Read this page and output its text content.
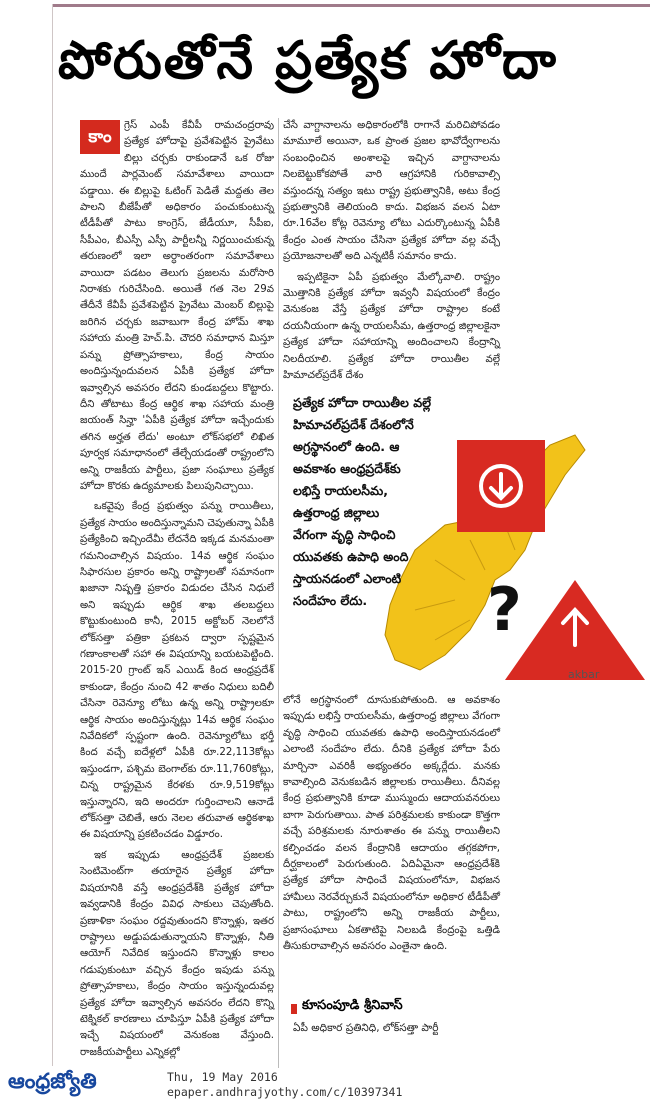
పోరుతోనే ప్రత్యేక హోదా
కాం

గ్రెస్ ఎంపీ కేవీపీ రామచంద్రరావు ప్రత్యేక హోదాపై ప్రవేశపెట్టిన ప్రైవేటు బిల్లు చర్చకు రాకుండానే ఒక రోజు ముందే పార్లమెంట్ సమావేశాలు వాయిదా పడ్డాయి. ఈ బిల్లుపై ఓటింగ్ పెడితే మద్దతు తెల పాలని బీజేపీతో అధికారం పంచుకుంటున్న టీడీపీతో పాటు కాంగ్రెస్, జేడీయూ, సీపీఐ, సీపీఎం, బీఎస్పీ ఎస్పీ పార్టీలన్నీ నిర్ణయించుకున్న తరుణంలో ఇలా అర్ధాంతరంగా సమావేశాలు వాయిదా పడటం తెలుగు ప్రజలను మరోసారి నిరాశకు గురిచేసింది. అయితే గత నెల 29వ తేదీనే కేవీపీ ప్రవేశపెట్టిన ప్రైవేటు మెంబర్ బిల్లుపై జరిగిన చర్చకు జవాబుగా కేంద్ర హోమ్ శాఖ సహాయ మంత్రి హెచ్.పి. చౌదరి సమాధాన మిస్తూ పన్ను ప్రోత్సాహకాలు, కేంద్ర సాయం అందిస్తున్నందువలన ఏపీకి ప్రత్యేక హోదా ఇవ్వాల్సిన అవసరం లేదని కుండబద్దలు కొట్టారు. దీని తోటాటు కేంద్ర ఆర్థిక శాఖ సహాయ మంత్రి జయంత్ సిన్హా 'ఏపీకి ప్రత్యేక హోదా ఇచ్చేందుకు తగిన అర్హత లేదు' అంటూ లోక్‌సభలో లిఖిత పూర్వక సమాధానంలో తేల్చేయడంతో రాష్ట్రంలోని అన్ని రాజకీయ పార్టీలు, ప్రజా సంఘాలు ప్రత్యేక హోదా కొరకు ఉద్యమాలకు పిలుపునిచ్చాయి.

ఒకవైపు కేంద్ర ప్రభుత్వం పన్ను రాయితీలు, ప్రత్యేక సాయం అందిస్తున్నామని చెపుతున్నా ఏపీకి ప్రత్యేకించి ఇచ్చిందేమీ లేదనేది ఇక్కడ మనమంతా గమనించాల్సిన విషయం. 14వ ఆర్థిక సంఘం సిఫారసుల ప్రకారం అన్ని రాష్ట్రాలతో సమానంగా ఖజానా నిష్పత్తి ప్రకారం విడుదల చేసిన నిధులే అని ఇప్పుడు ఆర్థిక శాఖ తలబద్దలు కొట్టుకుంటుంది కానీ, 2015 అక్టోబర్ నెలలోనే లోక్‌సత్తా పత్రికా ప్రకటన ద్వారా స్పష్టమైన గణాంకాలతో సహా ఈ విషయాన్ని బయటపెట్టింది. 2015-20 గ్రాంట్ ఇన్ ఎయిడ్ కింద ఆంధ్రప్రదేశ్ కాకుండా, కేంద్రం నుంచి 42 శాతం నిధులు బదిలీ చేసినా రెవెన్యూ లోటు ఉన్న అన్ని రాష్ట్రాలకూ ఆర్థిక సాయం అందిస్తున్నట్లు 14వ ఆర్థిక సంఘం నివేదికలో స్పష్టంగా ఉంది. రెవెన్యూలోటు భర్తీ కింద వచ్చే ఐదేళ్లలో ఏపీకి రూ.22,113కోట్లు ఇస్తుండగా, పశ్చిమ బెంగాల్‌కు రూ.11,760కోట్లు, చిన్న రాష్ట్రమైన కేరళకు రూ.9,519కోట్లు ఇస్తున్నారని, ఇది అందరూ గుర్తించాలని ఆనాడే లోక్‌సత్తా చెబితే, ఆరు నెలల తరువాత ఆర్థికశాఖ ఈ విషయాన్ని ప్రకటించడం విడ్డూరం.

ఇక ఇప్పుడు ఆంధ్రప్రదేశ్ ప్రజలకు సెంటిమెంట్‌గా తయారైన ప్రత్యేక హోదా విషయానికి వస్తే ఆంధ్రప్రదేశ్‌కి ప్రత్యేక హోదా ఇవ్వడానికి కేంద్రం వివిధ సాకులు చెపుతోంది. ప్రణాళికా సంఘం రద్దవుతుందని కొన్నాళ్లు, ఇతర రాష్ట్రాలు అడ్డుపడుతున్నాయని కొన్నాళ్లు, నీతి ఆయోగ్ నివేదిక ఇస్తుందని కొన్నాళ్లు కాలం గడుపుకుంటూ వచ్చిన కేంద్రం ఇపుడు పన్ను ప్రోత్సాహకాలు, కేంద్రం సాయం ఇస్తున్నందువల్ల ప్రత్యేక హోదా ఇవ్వాల్సిన అవసరం లేదని కొన్ని టెక్నికల్ కారణాలు చూపిస్తూ ఏపీకి ప్రత్యేక హోదా ఇచ్చే విషయంలో వెనుకంజ వేస్తుంది. రాజకీయపార్టీలు ఎన్నికల్లో

చేసే వాగ్దానాలను అధికారంలోకి రాగానే మరిచిపోవడం మామూలే అయినా, ఒక ప్రాంత ప్రజల భావోద్వేగాలను సంబంధించిన అంశాలపై ఇచ్చిన వాగ్దానాలను నిలబెట్టుకోకపోతే వారి ఆగ్రహానికి గురికావాల్సి వస్తుందన్న సత్యం ఇటు రాష్ట్ర ప్రభుత్వానికి, అటు కేంద్ర ప్రభుత్వానికి తెలియంది కాదు. విభజన వలన ఏటా రూ.16వేల కోట్ల రెవెన్యూ లోటు ఎదుర్కొంటున్న ఏపీకి కేంద్రం ఎంత సాయం చేసినా ప్రత్యేక హోదా వల్ల వచ్చే ప్రయోజనాలతో అది ఎన్నటికీ సమానం కాదు.

ఇప్పటికైనా ఏపీ ప్రభుత్వం మేల్కోవాలి. రాష్ట్రం మొత్తానికి ప్రత్యేక హోదా ఇవ్వనీ విషయంలో కేంద్రం వెనుకంజ వేస్తే ప్రత్యేక హోదా రాష్ట్రాల కంటే దయనీయంగా ఉన్న రాయలసీమ, ఉత్తరాంధ్ర జిల్లాలకైనా ప్రత్యేక హోదా సహాయాన్ని అందించాలని కేంద్రాన్ని నిలదీయాలి. ప్రత్యేక హోదా రాయితీల వల్లే హిమాచల్‌ప్రదేశ్ దేశం

?
akbar
ప్రత్యేక హోదా రాయితీల వల్లే
హిమాచల్‌ప్రదేశ్ దేశంలోనే
అగ్రస్థానంలో ఉంది. ఆ
అవకాశం ఆంధ్రప్రదేశ్‌కు
లభిస్తే రాయలసీమ,
ఉత్తరాంధ్ర జిల్లాలు
వేగంగా వృద్ధి సాధించి
యువతకు ఉపాధి అంది
స్తాయనడంలో ఎలాంటి
సందేహం లేదు.

లోనే అగ్రస్థానంలో దూసుకుపోతుంది. ఆ అవకాశం ఇప్పుడు లభిస్తే రాయలసీమ, ఉత్తరాంధ్ర జిల్లాలు వేగంగా వృద్ధి సాధించి యువతకు ఉపాధి అందిస్తాయనడంలో ఎలాంటి సందేహం లేదు. దీనికి ప్రత్యేక హోదా పేరు మార్చినా ఎవరికీ అభ్యంతరం అక్కర్లేదు. మనకు కావాల్సింది వెనుకబడిన జిల్లాలకు రాయితీలు. దీనివల్ల కేంద్ర ప్రభుత్వానికి కూడా ముస్ముందు ఆదాయవనరులు బాగా పెరుగుతాయి. పాత పరిశ్రమలకు కాకుండా కొత్తగా వచ్చే పరిశ్రమలకు నూరుశాతం ఈ పన్ను రాయితీలని కల్పించడం వలన కేంద్రానికి ఆదాయం తగ్గకపోగా, దీర్ఘకాలంలో పెరుగుతుంది. ఏదిఏమైనా ఆంధ్రప్రదేశ్‌కి ప్రత్యేక హోదా సాధించే విషయంలోనూ, విభజన హామీలు నెరవేర్చుకునే విషయంలోనూ అధికార టీడీపీతో పాటు, రాష్ట్రంలోని అన్ని రాజకీయ పార్టీలు, ప్రజాసంఘాలు ఏకతాటిపై నిలబడి కేంద్రంపై ఒత్తిడి తీసుకురావాల్సిన అవసరం ఎంతైనా ఉంది.

కూసంపూడి శ్రీనివాస్
ఏపీ అధికార ప్రతినిధి, లోక్‌సత్తా పార్టీ
ఆంధ్రజ్యోతి	Thu, 19 May 2016
epaper.andhrajyothy.com/c/10397341
